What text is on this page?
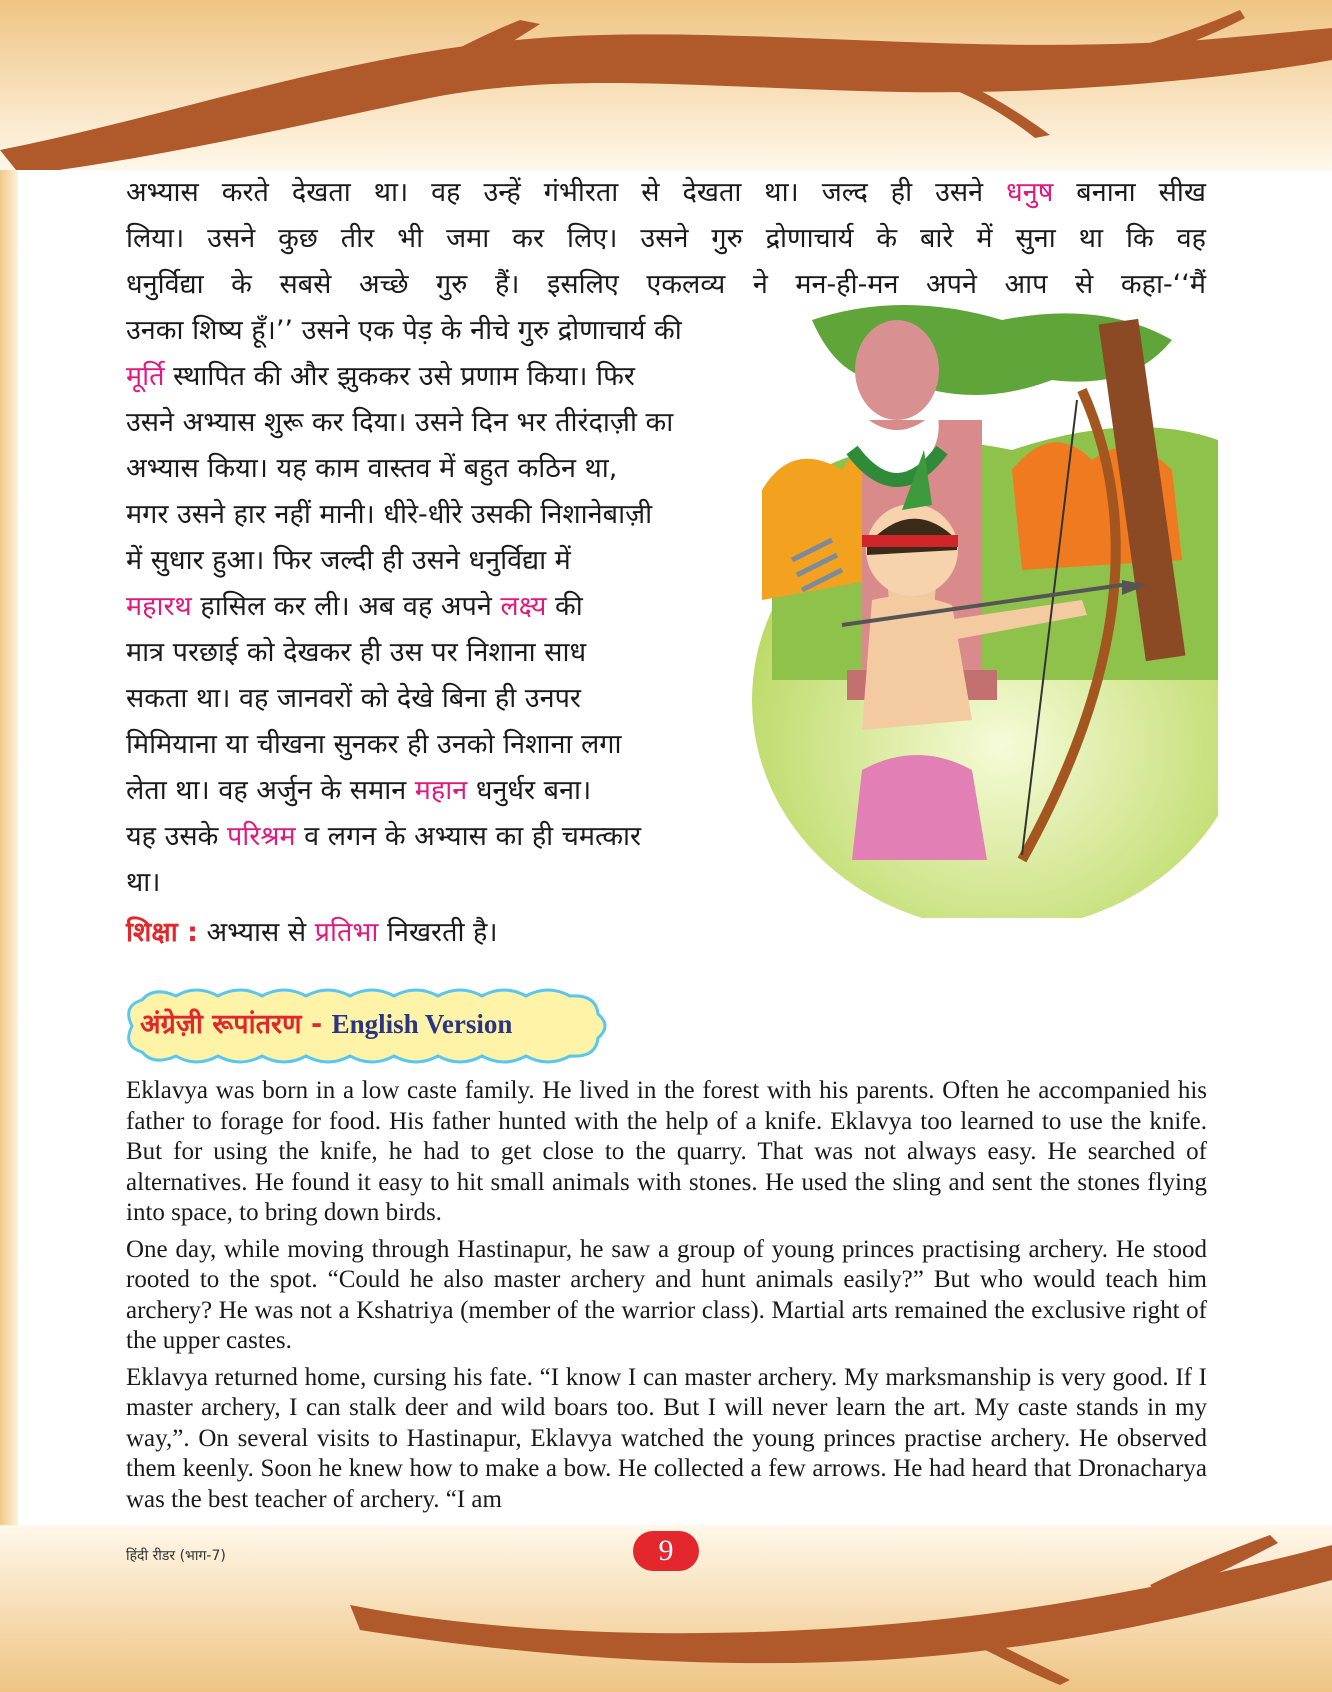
अभ्यास करते देखता था। वह उन्हें गंभीरता से देखता था। जल्द ही उसने धनुष बनाना सीख
लिया। उसने कुछ तीर भी जमा कर लिए। उसने गुरु द्रोणाचार्य के बारे में सुना था कि वह
धनुर्विद्या के सबसे अच्छे गुरु हैं। इसलिए एकलव्य ने मन-ही-मन अपने आप से कहा-‘‘मैं
उनका शिष्य हूँ।’’ उसने एक पेड़ के नीचे गुरु द्रोणाचार्य की
मूर्ति स्थापित की और झुककर उसे प्रणाम किया। फिर
उसने अभ्यास शुरू कर दिया। उसने दिन भर तीरंदाज़ी का
अभ्यास किया। यह काम वास्तव में बहुत कठिन था,
मगर उसने हार नहीं मानी। धीरे-धीरे उसकी निशानेबाज़ी
में सुधार हुआ। फिर जल्दी ही उसने धनुर्विद्या में
महारथ हासिल कर ली। अब वह अपने लक्ष्य की
मात्र परछाई को देखकर ही उस पर निशाना साध
सकता था। वह जानवरों को देखे बिना ही उनपर
मिमियाना या चीखना सुनकर ही उनको निशाना लगा
लेता था। वह अर्जुन के समान महान धनुर्धर बना।
यह उसके परिश्रम व लगन के अभ्यास का ही चमत्कार
था।
शिक्षा : अभ्यास से प्रतिभा निखरती है।
अंग्रेज़ी रूपांतरण - English Version

Eklavya was born in a low caste family. He lived in the forest with his parents. Often he accompanied his father to forage for food. His father hunted with the help of a knife. Eklavya too learned to use the knife. But for using the knife, he had to get close to the quarry. That was not always easy. He searched of alternatives. He found it easy to hit small animals with stones. He used the sling and sent the stones flying into space, to bring down birds.

One day, while moving through Hastinapur, he saw a group of young princes practising archery. He stood rooted to the spot. “Could he also master archery and hunt animals easily?” But who would teach him archery? He was not a Kshatriya (member of the warrior class). Martial arts remained the exclusive right of the upper castes.

Eklavya returned home, cursing his fate. “I know I can master archery. My marksmanship is very good. If I master archery, I can stalk deer and wild boars too. But I will never learn the art. My caste stands in my way,”. On several visits to Hastinapur, Eklavya watched the young princes practise archery. He observed them keenly. Soon he knew how to make a bow. He collected a few arrows. He had heard that Dronacharya was the best teacher of archery. “I am

हिंदी रीडर (भाग-7)	9
